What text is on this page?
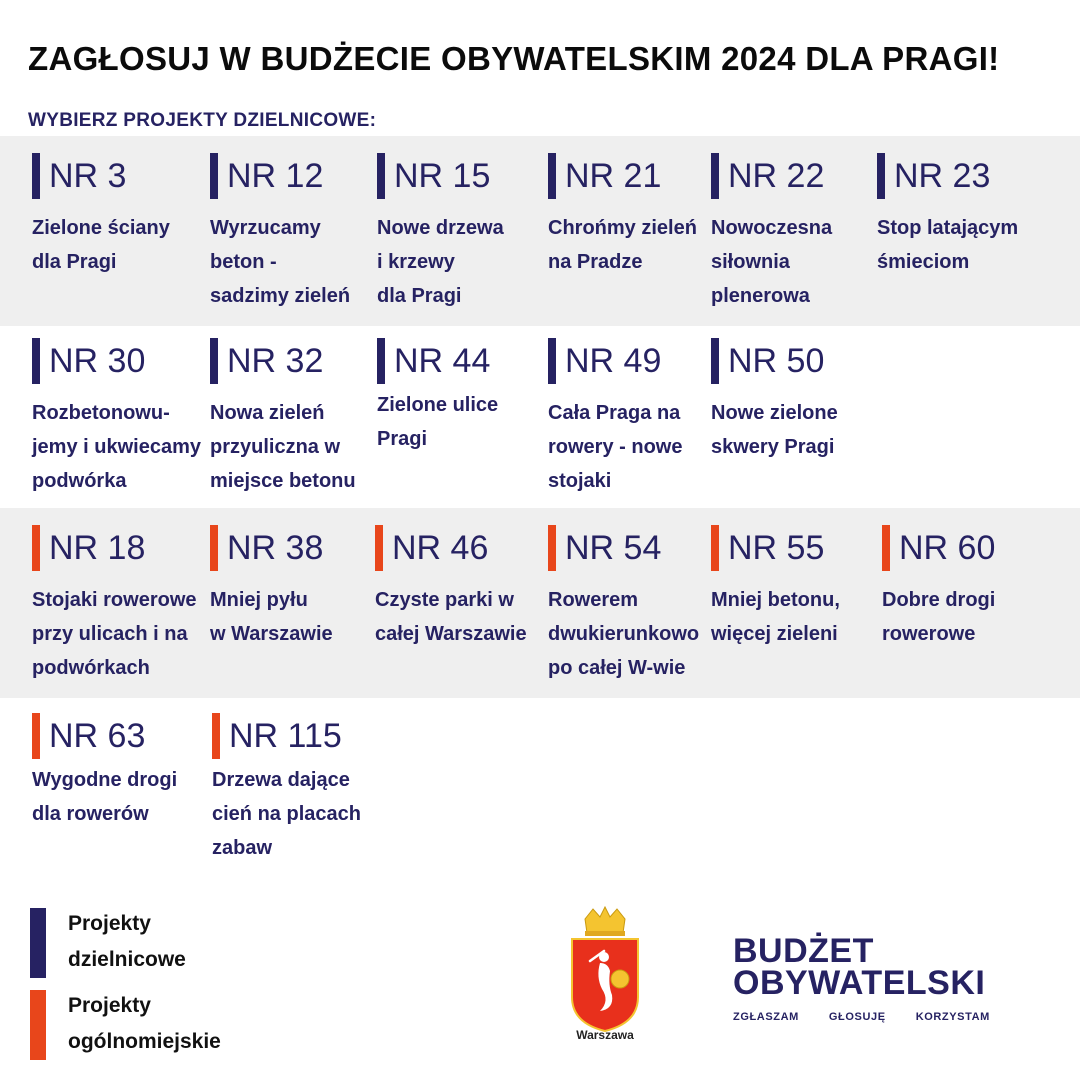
ZAGŁOSUJ W BUDŻECIE OBYWATELSKIM 2024 DLA PRAGI!
WYBIERZ PROJEKTY DZIELNICOWE:
NR 3
Zielone ściany
dla Pragi
NR 12
Wyrzucamy
beton -
sadzimy zieleń
NR 15
Nowe drzewa
i krzewy
dla Pragi
NR 21
Chrońmy zieleń
na Pradze
NR 22
Nowoczesna
siłownia
plenerowa
NR 23
Stop latającym
śmieciom
NR 30
Rozbetonowu-
jemy i ukwiecamy
podwórka
NR 32
Nowa zieleń
przyuliczna w
miejsce betonu
NR 44
Zielone ulice
Pragi
NR 49
Cała Praga na
rowery - nowe
stojaki
NR 50
Nowe zielone
skwery Pragi
NR 18
Stojaki rowerowe
przy ulicach i na
podwórkach
NR 38
Mniej pyłu
w Warszawie
NR 46
Czyste parki w
całej Warszawie
NR 54
Rowerem
dwukierunkowo
po całej W-wie
NR 55
Mniej betonu,
więcej zieleni
NR 60
Dobre drogi
rowerowe
NR 63
Wygodne drogi
dla rowerów
NR 115
Drzewa dające
cień na placach
zabaw
Projekty
dzielnicowe
Projekty
ogólnomiejskie	Warszawa
BUDŻET
OBYWATELSKI
ZGŁASZAM	GŁOSUJĘ	KORZYSTAM
